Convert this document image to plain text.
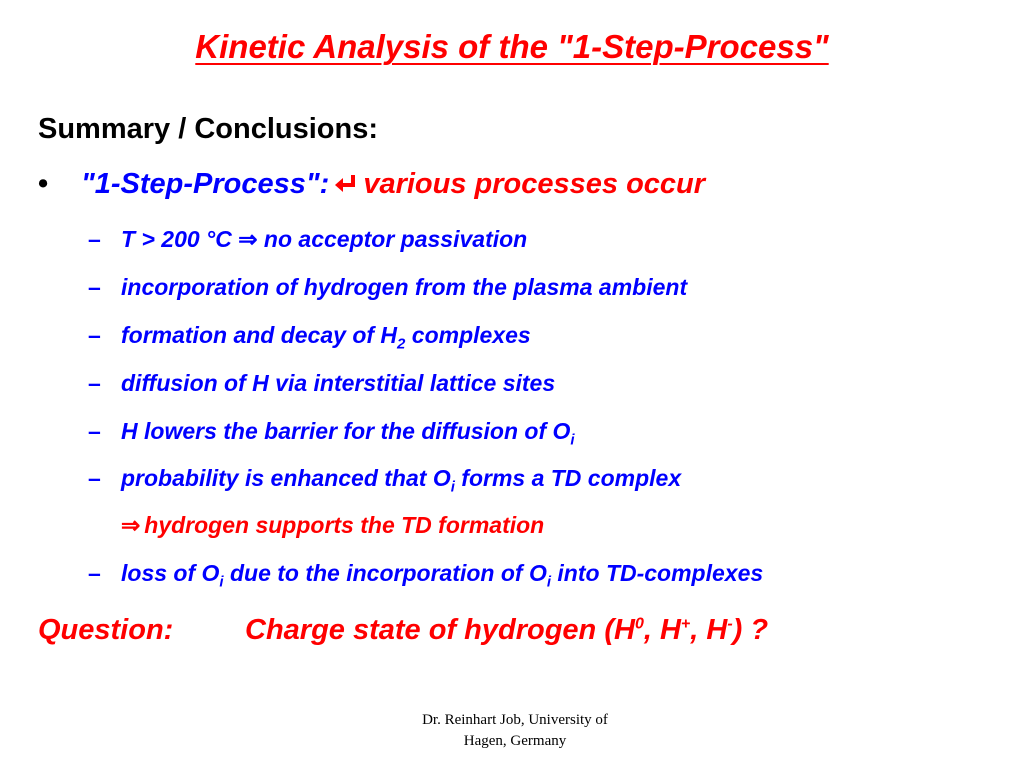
Kinetic Analysis of the "1-Step-Process"
Summary / Conclusions:
• "1-Step-Process": various processes occur
– T > 200 °C ⇒ no acceptor passivation
– incorporation of hydrogen from the plasma ambient
– formation and decay of $H_2$ complexes
– diffusion of H via interstitial lattice sites
– H lowers the barrier for the diffusion of $O_i$
– probability is enhanced that $O_i$ forms a TD complex
⇒ hydrogen supports the TD formation
– loss of $O_i$ due to the incorporation of $O_i$ into TD-complexes
Question: Charge state of hydrogen ($H^0$, H+, H-) ?
Dr. Reinhart Job, University of
Hagen, Germany
